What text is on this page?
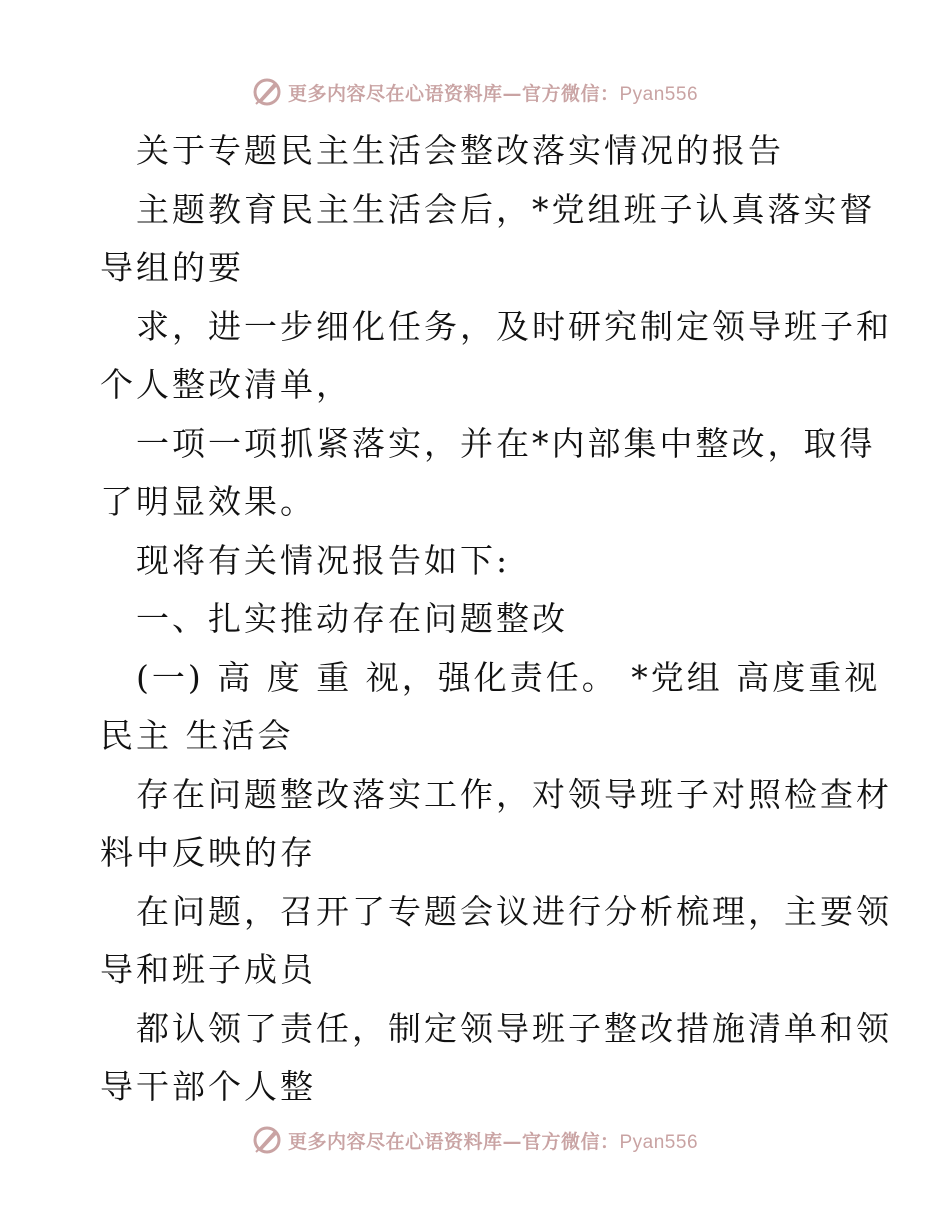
更多内容尽在心语资料库—官方微信：Pyan556
关于专题民主生活会整改落实情况的报告
主题教育民主生活会后，*党组班子认真落实督
导组的要
求，进一步细化任务，及时研究制定领导班子和
个人整改清单，
一项一项抓紧落实，并在*内部集中整改，取得
了明显效果。
现将有关情况报告如下:
一、扎实推动存在问题整改
(一) 高 度 重 视，强化责任。 *党组 高度重视
民主 生活会
存在问题整改落实工作，对领导班子对照检查材
料中反映的存
在问题，召开了专题会议进行分析梳理，主要领
导和班子成员
都认领了责任，制定领导班子整改措施清单和领
导干部个人整
更多内容尽在心语资料库—官方微信：Pyan556
